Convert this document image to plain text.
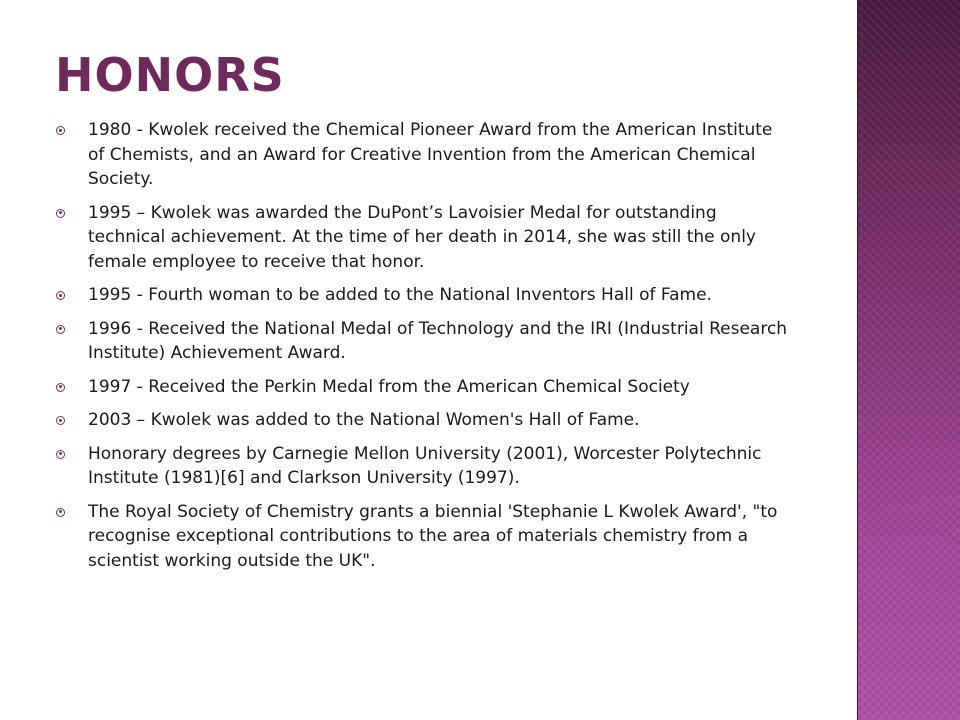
HONORS
1980 - Kwolek received the Chemical Pioneer Award from the American Institute of Chemists, and an Award for Creative Invention from the American Chemical Society.
1995 – Kwolek was awarded the DuPont’s Lavoisier Medal for outstanding technical achievement. At the time of her death in 2014, she was still the only female employee to receive that honor.
1995 - Fourth woman to be added to the National Inventors Hall of Fame.
1996 - Received the National Medal of Technology and the IRI (Industrial Research Institute) Achievement Award.
1997 - Received the Perkin Medal from the American Chemical Society
2003 – Kwolek was added to the National Women's Hall of Fame.
Honorary degrees by Carnegie Mellon University (2001), Worcester Polytechnic Institute (1981)[6] and Clarkson University (1997).
The Royal Society of Chemistry grants a biennial 'Stephanie L Kwolek Award', "to recognise exceptional contributions to the area of materials chemistry from a scientist working outside the UK".
